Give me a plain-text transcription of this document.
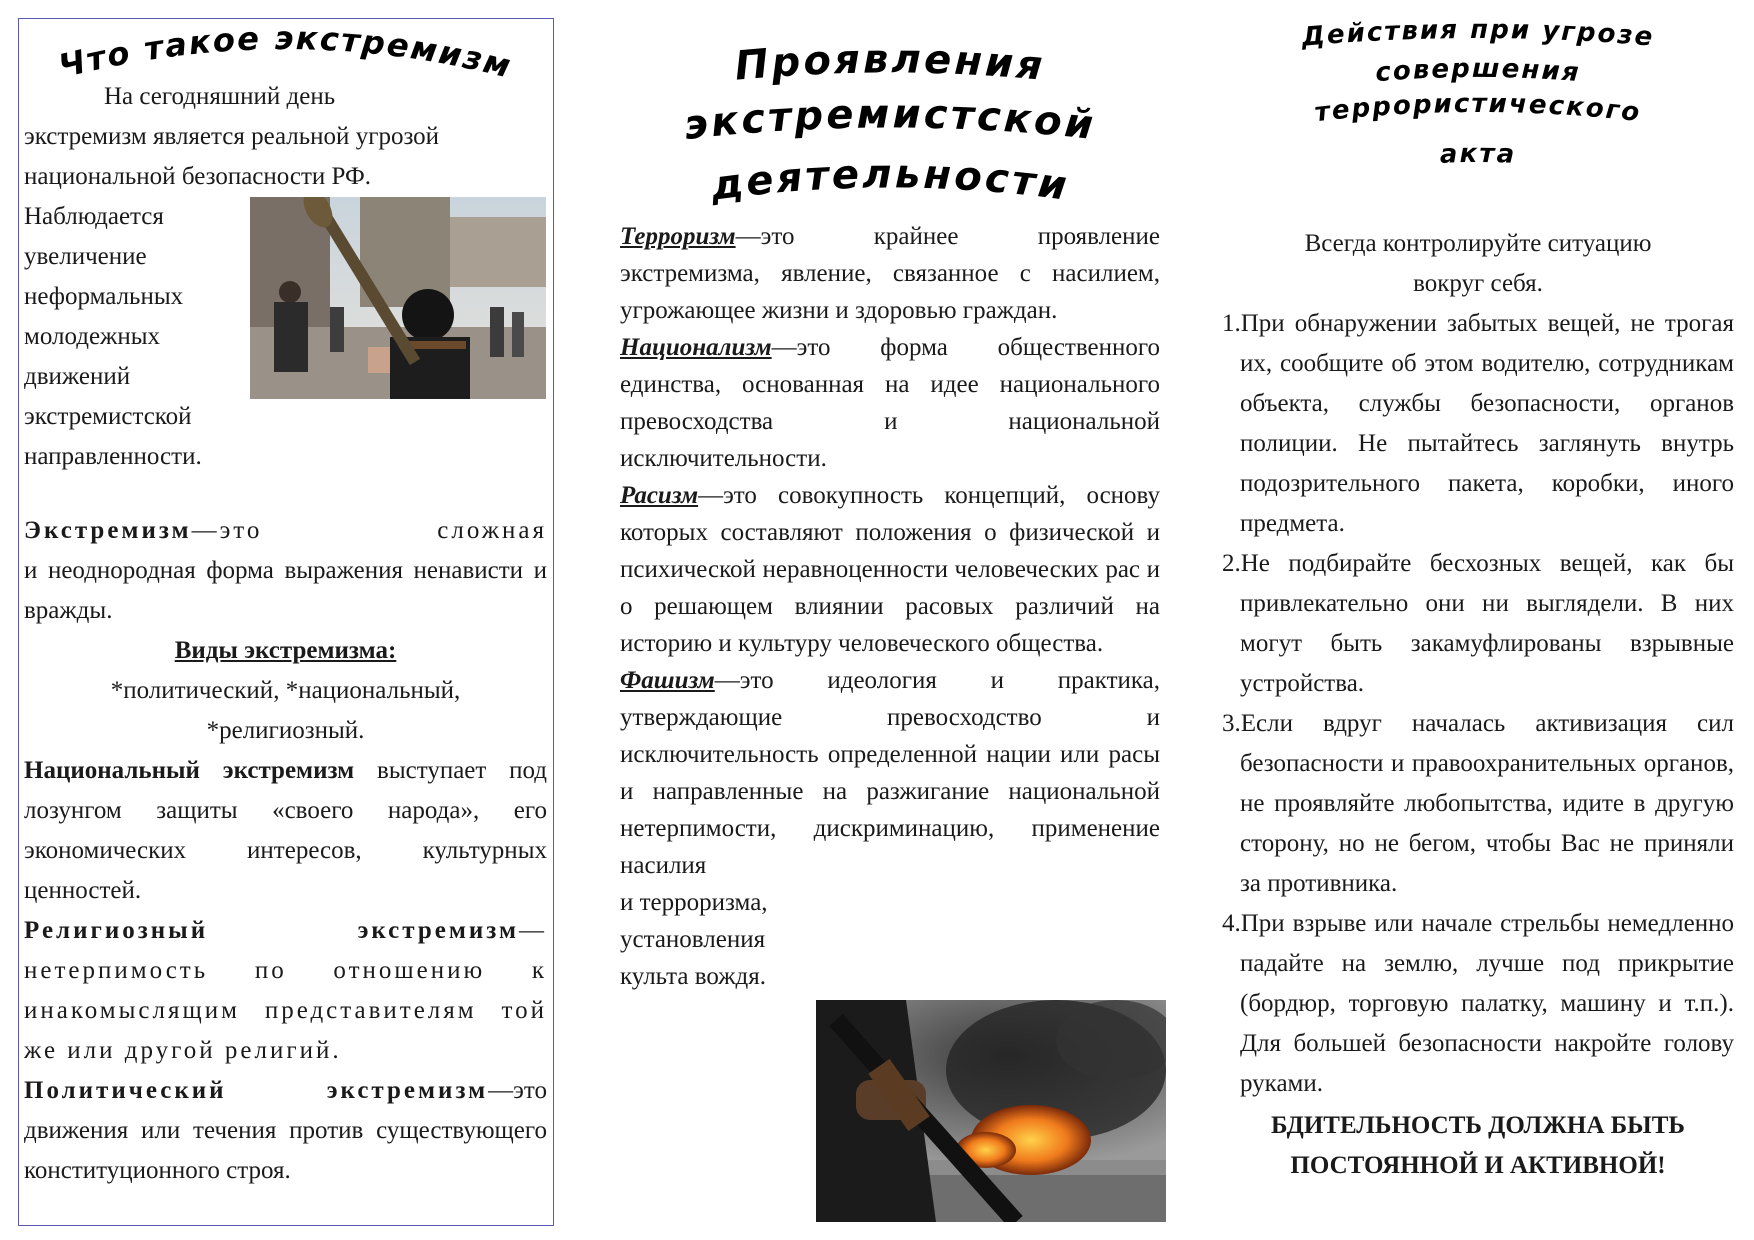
Что такое экстремизм

На сегодняшний день

экстремизм является реальной угрозой

национальной безопасности РФ.

Наблюдается

увеличение

неформальных

молодежных

движений

экстремистской

направленности.

Экстремизм—это сложная

и неоднородная форма выражения ненависти и вражды.

Виды экстремизма:

*политический, *национальный,

*религиозный.

Национальный экстремизм выступает под лозунгом защиты «своего народа», его экономических интересов, культурных ценностей.

Религиозный экстремизм—нетерпимость по отношению к инакомыслящим представителям той же или другой религий.

Политический экстремизм—это движения или течения против существующего конституционного строя.

Проявления
экстремистской
деятельности

Терроризм—это крайнее проявление экстремизма, явление, связанное с насилием, угрожающее жизни и здоровью граждан.

Национализм—это форма общественного единства, основанная на идее национального превосходства и национальной исключительности.

Расизм—это совокупность концепций, основу которых составляют положения о физической и психической неравноценности человеческих рас и о решающем влиянии расовых различий на историю и культуру человеческого общества.

Фашизм—это идеология и практика, утверждающие превосходство и исключительность определенной нации или расы и направленные на разжигание национальной нетерпимости, дискриминацию, применение насилия

и терроризма,

установления

культа вождя.

Действия при угрозе
совершения
террористического
акта

Всегда контролируйте ситуацию

вокруг себя.

1.При обнаружении забытых вещей, не трогая их, сообщите об этом водителю, сотрудникам объекта, службы безопасности, органов полиции. Не пытайтесь заглянуть внутрь подозрительного пакета, коробки, иного предмета.

2.Не подбирайте бесхозных вещей, как бы привлекательно они ни выглядели. В них могут быть закамуфлированы взрывные устройства.

3.Если вдруг началась активизация сил безопасности и правоохранительных органов, не проявляйте любопытства, идите в другую сторону, но не бегом, чтобы Вас не приняли за противника.

4.При взрыве или начале стрельбы немедленно падайте на землю, лучше под прикрытие (бордюр, торговую палатку, машину и т.п.). Для большей безопасности накройте голову руками.

БДИТЕЛЬНОСТЬ ДОЛЖНА БЫТЬ

ПОСТОЯННОЙ И АКТИВНОЙ!
